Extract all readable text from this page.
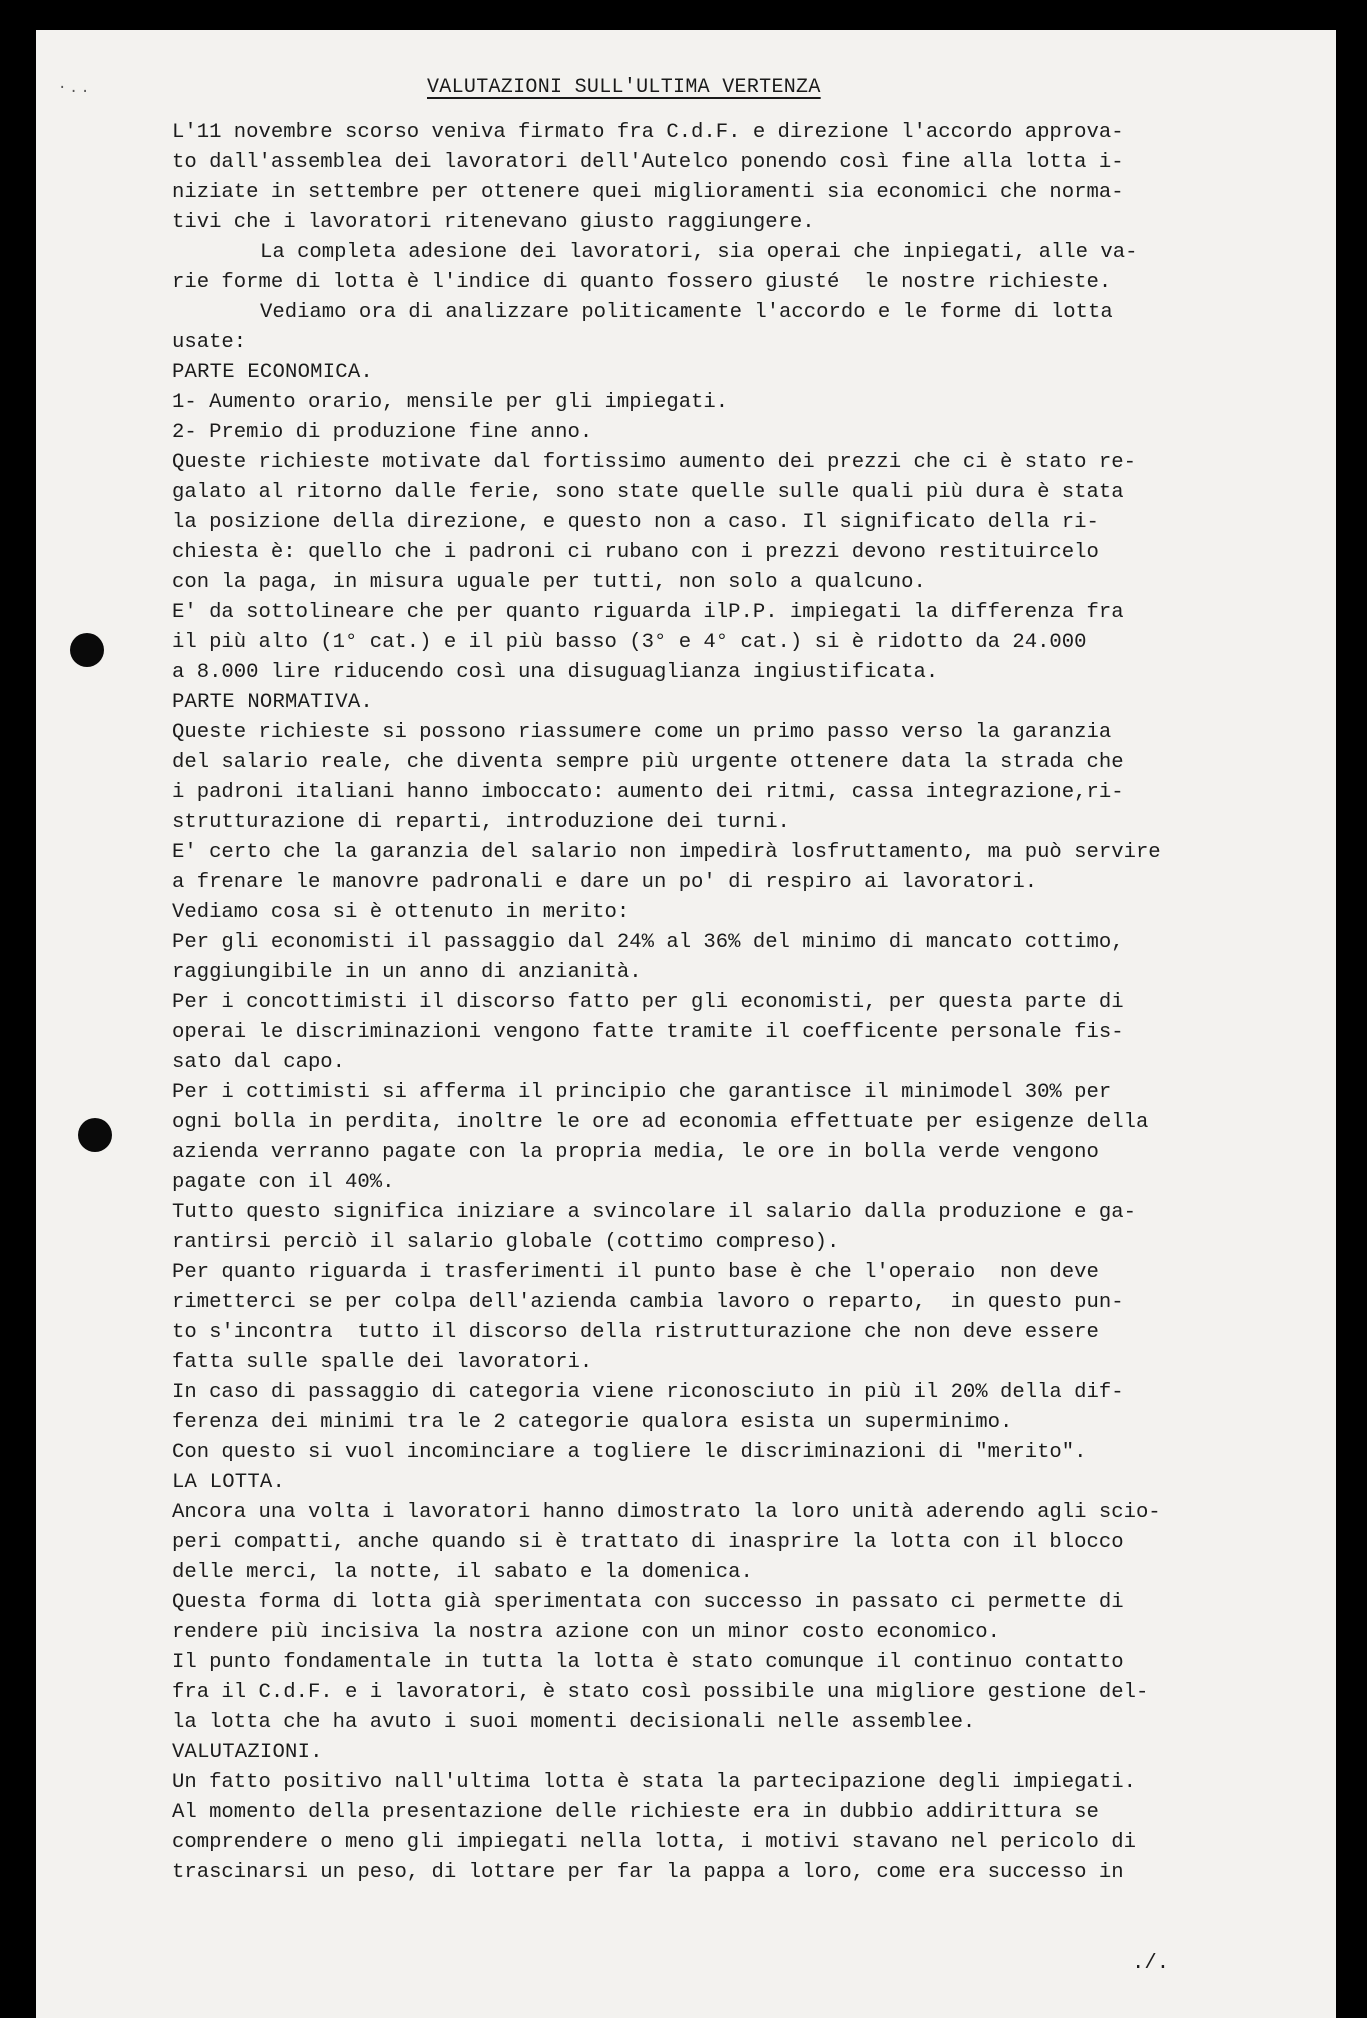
·..	VALUTAZIONI SULL'ULTIMA VERTENZA
L'11 novembre scorso veniva firmato fra C.d.F. e direzione l'accordo approva-
to dall'assemblea dei lavoratori dell'Autelco ponendo così fine alla lotta i-
niziate in settembre per ottenere quei miglioramenti sia economici che norma-
tivi che i lavoratori ritenevano giusto raggiungere.
La completa adesione dei lavoratori, sia operai che inpiegati, alle va-
rie forme di lotta è l'indice di quanto fossero giusté  le nostre richieste.
Vediamo ora di analizzare politicamente l'accordo e le forme di lotta
usate:
PARTE ECONOMICA.
1- Aumento orario, mensile per gli impiegati.
2- Premio di produzione fine anno.
Queste richieste motivate dal fortissimo aumento dei prezzi che ci è stato re-
galato al ritorno dalle ferie, sono state quelle sulle quali più dura è stata
la posizione della direzione, e questo non a caso. Il significato della ri-
chiesta è: quello che i padroni ci rubano con i prezzi devono restituircelo
con la paga, in misura uguale per tutti, non solo a qualcuno.
E' da sottolineare che per quanto riguarda ilP.P. impiegati la differenza fra
il più alto (1° cat.) e il più basso (3° e 4° cat.) si è ridotto da 24.000
a 8.000 lire riducendo così una disuguaglianza ingiustificata.
PARTE NORMATIVA.
Queste richieste si possono riassumere come un primo passo verso la garanzia
del salario reale, che diventa sempre più urgente ottenere data la strada che
i padroni italiani hanno imboccato: aumento dei ritmi, cassa integrazione,ri-
strutturazione di reparti, introduzione dei turni.
E' certo che la garanzia del salario non impedirà losfruttamento, ma può servire
a frenare le manovre padronali e dare un po' di respiro ai lavoratori.
Vediamo cosa si è ottenuto in merito:
Per gli economisti il passaggio dal 24% al 36% del minimo di mancato cottimo,
raggiungibile in un anno di anzianità.
Per i concottimisti il discorso fatto per gli economisti, per questa parte di
operai le discriminazioni vengono fatte tramite il coefficente personale fis-
sato dal capo.
Per i cottimisti si afferma il principio che garantisce il minimodel 30% per
ogni bolla in perdita, inoltre le ore ad economia effettuate per esigenze della
azienda verranno pagate con la propria media, le ore in bolla verde vengono
pagate con il 40%.
Tutto questo significa iniziare a svincolare il salario dalla produzione e ga-
rantirsi perciò il salario globale (cottimo compreso).
Per quanto riguarda i trasferimenti il punto base è che l'operaio  non deve
rimetterci se per colpa dell'azienda cambia lavoro o reparto,  in questo pun-
to s'incontra  tutto il discorso della ristrutturazione che non deve essere
fatta sulle spalle dei lavoratori.
In caso di passaggio di categoria viene riconosciuto in più il 20% della dif-
ferenza dei minimi tra le 2 categorie qualora esista un superminimo.
Con questo si vuol incominciare a togliere le discriminazioni di "merito".
LA LOTTA.
Ancora una volta i lavoratori hanno dimostrato la loro unità aderendo agli scio-
peri compatti, anche quando si è trattato di inasprire la lotta con il blocco
delle merci, la notte, il sabato e la domenica.
Questa forma di lotta già sperimentata con successo in passato ci permette di
rendere più incisiva la nostra azione con un minor costo economico.
Il punto fondamentale in tutta la lotta è stato comunque il continuo contatto
fra il C.d.F. e i lavoratori, è stato così possibile una migliore gestione del-
la lotta che ha avuto i suoi momenti decisionali nelle assemblee.
VALUTAZIONI.
Un fatto positivo nall'ultima lotta è stata la partecipazione degli impiegati.
Al momento della presentazione delle richieste era in dubbio addirittura se
comprendere o meno gli impiegati nella lotta, i motivi stavano nel pericolo di
trascinarsi un peso, di lottare per far la pappa a loro, come era successo in
./.
